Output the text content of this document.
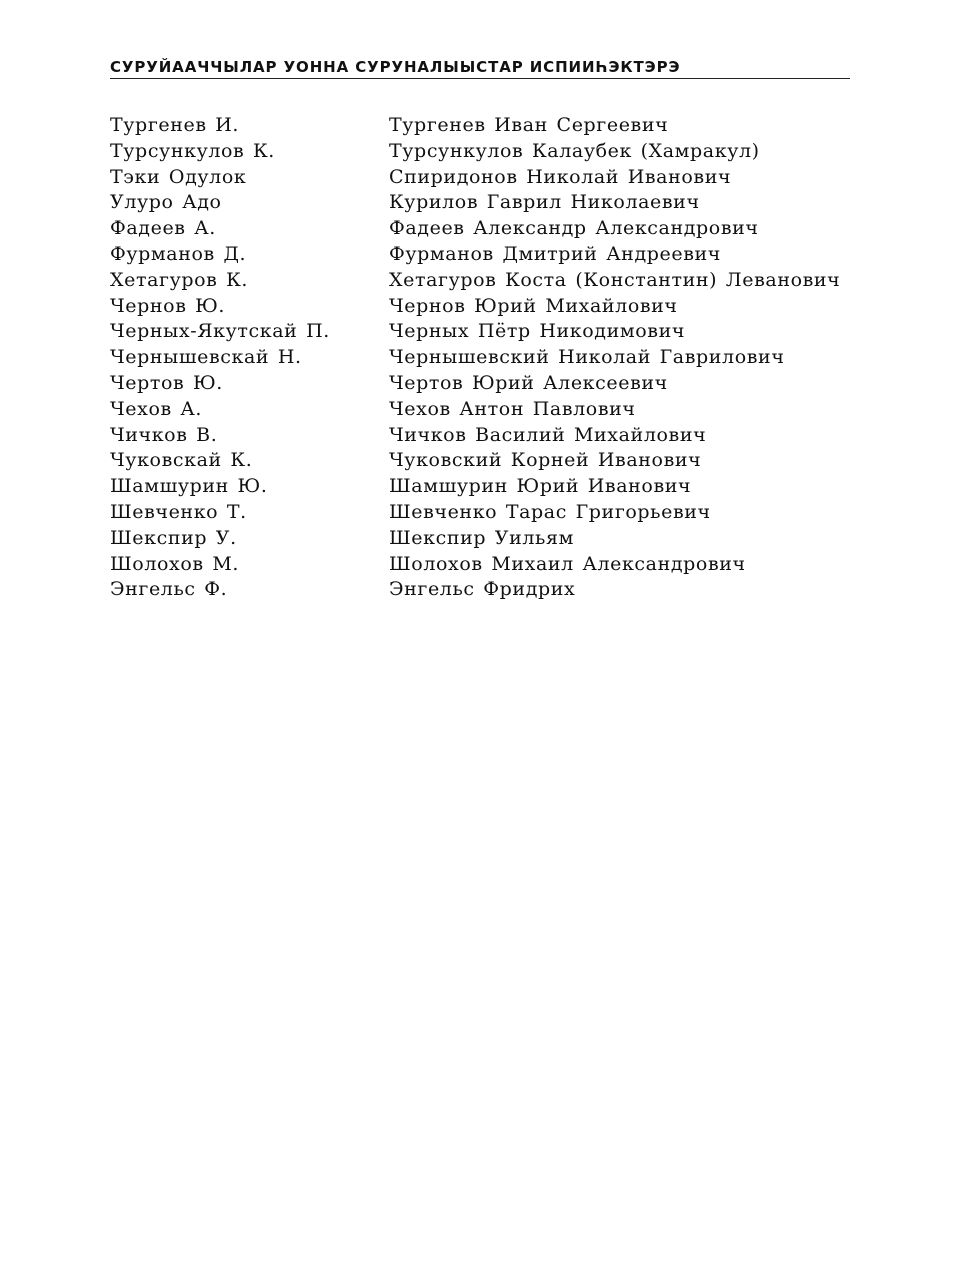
СУРУЙААЧЧЫЛАР УОННА СУРУНАЛЫЫСТАР ИСПИИҺЭКТЭРЭ
Тургенев И.	Тургенев Иван Сергеевич
Турсункулов К.	Турсункулов Калаубек (Хамракул)
Тэки Одулок	Спиридонов Николай Иванович
Улуро Адо	Курилов Гаврил Николаевич
Фадеев А.	Фадеев Александр Александрович
Фурманов Д.	Фурманов Дмитрий Андреевич
Хетагуров К.	Хетагуров Коста (Константин) Леванович
Чернов Ю.	Чернов Юрий Михайлович
Черных-Якутскай П.	Черных Пётр Никодимович
Чернышевскай Н.	Чернышевский Николай Гаврилович
Чертов Ю.	Чертов Юрий Алексеевич
Чехов А.	Чехов Антон Павлович
Чичков В.	Чичков Василий Михайлович
Чуковскай К.	Чуковский Корней Иванович
Шамшурин Ю.	Шамшурин Юрий Иванович
Шевченко Т.	Шевченко Тарас Григорьевич
Шекспир У.	Шекспир Уильям
Шолохов М.	Шолохов Михаил Александрович
Энгельс Ф.	Энгельс Фридрих
